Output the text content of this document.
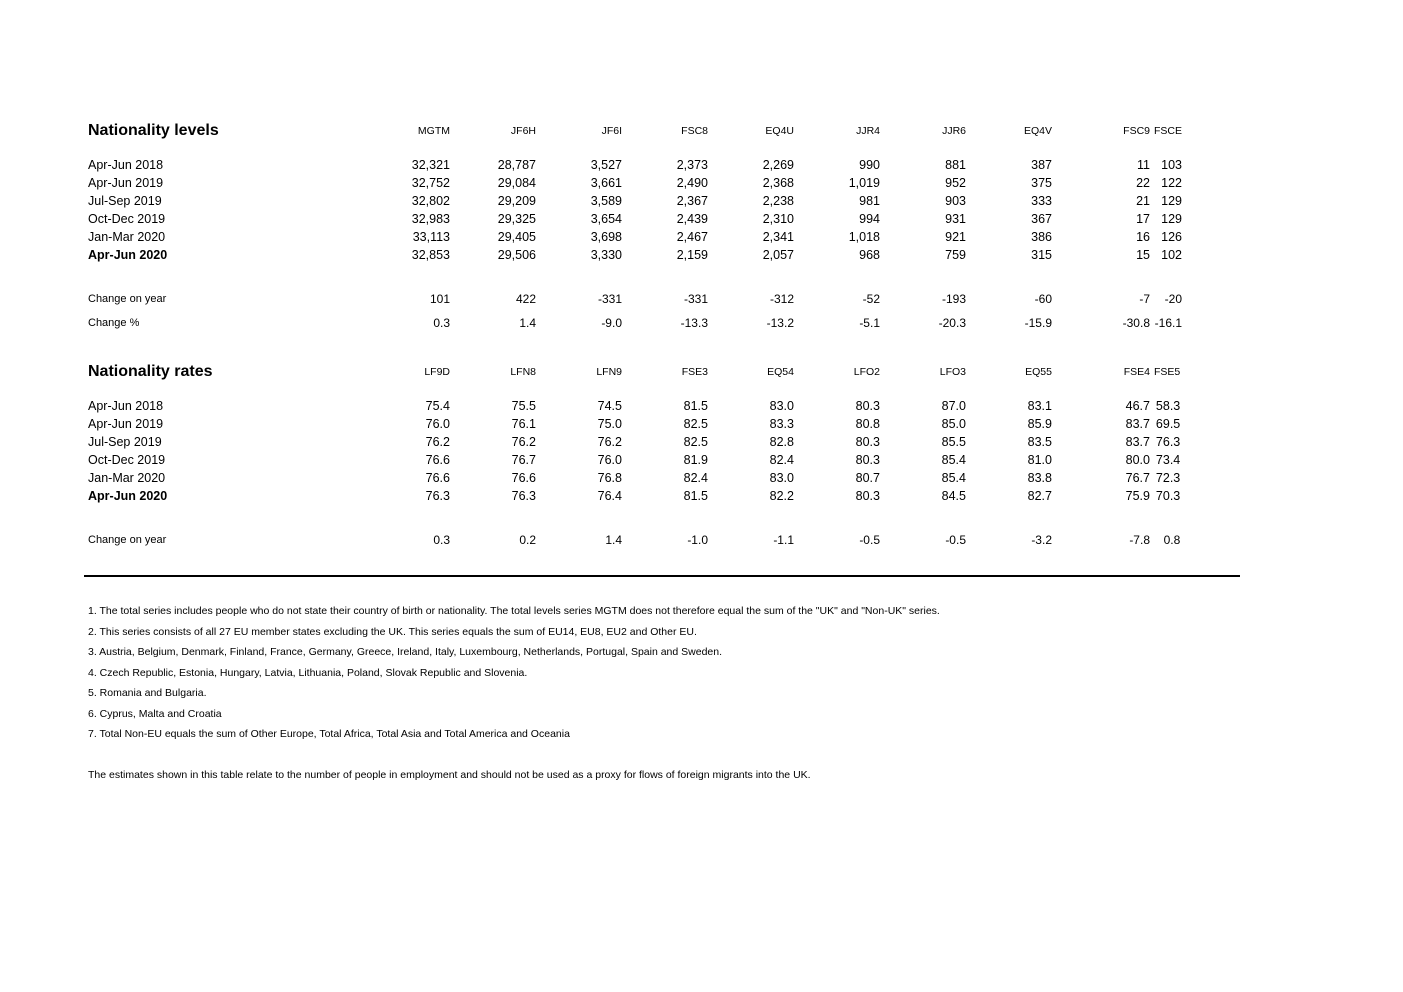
Nationality levels	MGTM	JF6H	JF6I	FSC8	EQ4U	JJR4	JJR6	EQ4V	FSC9	FSCE

Apr-Jun 2018	32,321	28,787	3,527	2,373	2,269	990	881	387	11	103
Apr-Jun 2019	32,752	29,084	3,661	2,490	2,368	1,019	952	375	22	122
Jul-Sep 2019	32,802	29,209	3,589	2,367	2,238	981	903	333	21	129
Oct-Dec 2019	32,983	29,325	3,654	2,439	2,310	994	931	367	17	129
Jan-Mar 2020	33,113	29,405	3,698	2,467	2,341	1,018	921	386	16	126
Apr-Jun 2020	32,853	29,506	3,330	2,159	2,057	968	759	315	15	102

Change on year	101	422	-331	-331	-312	-52	-193	-60	-7	-20
Change %	0.3	1.4	-9.0	-13.3	-13.2	-5.1	-20.3	-15.9	-30.8	-16.1
Nationality rates	LF9D	LFN8	LFN9	FSE3	EQ54	LFO2	LFO3	EQ55	FSE4	FSE5

Apr-Jun 2018	75.4	75.5	74.5	81.5	83.0	80.3	87.0	83.1	46.7	58.3
Apr-Jun 2019	76.0	76.1	75.0	82.5	83.3	80.8	85.0	85.9	83.7	69.5
Jul-Sep 2019	76.2	76.2	76.2	82.5	82.8	80.3	85.5	83.5	83.7	76.3
Oct-Dec 2019	76.6	76.7	76.0	81.9	82.4	80.3	85.4	81.0	80.0	73.4
Jan-Mar 2020	76.6	76.6	76.8	82.4	83.0	80.7	85.4	83.8	76.7	72.3
Apr-Jun 2020	76.3	76.3	76.4	81.5	82.2	80.3	84.5	82.7	75.9	70.3

Change on year	0.3	0.2	1.4	-1.0	-1.1	-0.5	-0.5	-3.2	-7.8	0.8
1. The total series includes people who do not state their country of birth or nationality. The total levels series MGTM does not therefore equal the sum of the "UK" and "Non-UK" series.
2. This series consists of all 27 EU member states excluding the UK. This series equals the sum of EU14, EU8, EU2 and Other EU.
3. Austria, Belgium, Denmark, Finland, France, Germany, Greece, Ireland, Italy, Luxembourg, Netherlands, Portugal, Spain and Sweden.
4. Czech Republic, Estonia, Hungary, Latvia, Lithuania, Poland, Slovak Republic and Slovenia.
5. Romania and Bulgaria.
6. Cyprus, Malta and Croatia
7. Total Non-EU equals the sum of Other Europe, Total Africa, Total Asia and Total America and Oceania
The estimates shown in this table relate to the number of people in employment and should not be used as a proxy for flows of foreign migrants into the UK.
